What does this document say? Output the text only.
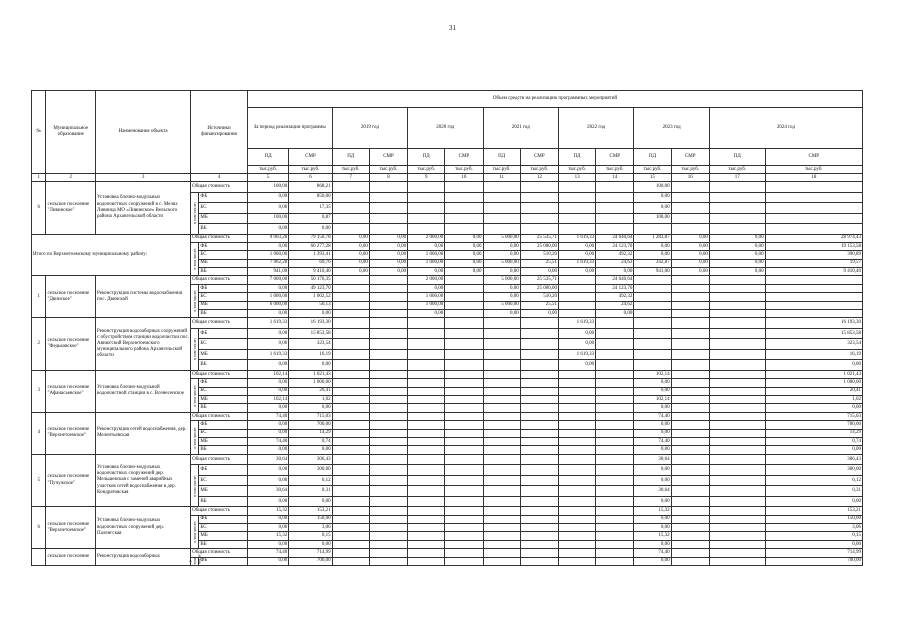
31
№	Муниципальное образование	Наименование объекта	Источники финансирования		Объем средств на реализацию программных мероприятий													
					За период реализации программы		2019 год		2020 год		2021 год		2022 год		2023 год		2024 год	
					ПД	СМР	ПД	СМР	ПД	СМР	ПД	СМР	ПД	СМР	ПД	СМР	ПД	СМР
					тыс.руб.	тыс.руб.	тыс.руб.	тыс.руб.	тыс.руб.	тыс.руб.	тыс.руб.	тыс.руб.	тыс.руб.	тыс.руб.	тыс.руб.	тыс.руб.	тыс.руб.	тыс.руб.

1	2	3	4		5	6	7	8	9	10	11	12	13	14	15	16	17	18
6	сельское поселение "Ливинское"	Установка блочно-модульных водоочистных сооружений в с. Мелях Ливинца МО «Ливинское» Вельского района Архангельской области	Общая стоимость		100,00	868,21									100,00			
			в том числе:	ФБ	0,00	850,00									0,00			
				БС	0,00	17,35									0,00			
				МБ	100,00	0,87									100,00			
				ВБ	0,00	0,00												
Итого по Верхнетоемскому муниципальному району:			Общая стоимость		9 903,28	79 150,78	0,00	0,00	2 000,00	0,00	5 000,00	25 535,71	1 619,33	24 640,64	1 283,87	0,00	0,00	28 974,43
			в том числе:	ФБ	0,00	66 277,28	0,00	0,00	0,00	0,00	0,00	25 000,00	0,00	24 123,70	0,00	0,00	0,00	19 153,58
				БС	1 000,00	1 393,41	0,00	0,00	1 000,00	0,00	0,00	510,20	0,00	492,32	0,00	0,00	0,00	390,89
				МБ	7 962,28	69,76	0,00	0,00	1 000,00	0,00	5 000,00	25,51	1 619,33	24,62	342,87	0,00	0,00	19,57
				ВБ	941,00	9 410,40	0,00	0,00	0,00	0,00	0,00	0,00	0,00	0,00	941,00	0,00	0,00	9 410,40
1	сельское поселение "Двинское"	Реконструкция системы водоснабжения пос. Двинской	Общая стоимость		7 000,00	50 176,35			2 000,00		5 000,00	25 535,71		24 640,64				
			в том числе:	ФБ	0,00	49 123,70			0,00		0,00	25 000,00		24 123,70				
				БС	1 000,00	1 002,52			1 000,00		0,00	510,20		492,32				
				МБ	6 000,00	50,13			1 000,00		5 000,00	25,51		24,62				
				ВБ	0,00	0,00			0,00		0,00	0,00		0,00				
2	сельское поселение "Федьковское"	Реконструкция водозаборных сооружений с обустройством станции водоочистки пос. Авнюгский Верхнетоемского муниципального района Архангельской области	Общая стоимость		1 619,33	16 193,30							1 619,33					16 193,30
			в том числе:	ФБ	0,00	15 853,58							0,00					15 853,58
				БС	0,00	323,54							0,00					323,54
				МБ	1 619,33	16,19							1 619,33					16,19
				ВБ	0,00	0,00							0,00					0,00
3	сельское поселение "Афанасьевское"	Установка блочно-модульной водоочистной станции в с. Вознесенское	Общая стоимость		102,14	1 021,43									102,14			1 021,43
			в том числе:	ФБ	0,00	1 000,00									0,00			1 000,00
				БС	0,00	20,41									0,00			20,41
				МБ	102,14	1,02									102,14			1,02
				ВБ	0,00	0,00									0,00			0,00
4	сельское поселение "Верхнетоемское"	Реконструкция сетей водоснабжения, дер. Мелентьевская	Общая стоимость		74,40	715,03									74,40			715,03
			в том числе:	ФБ	0,00	700,00									0,00			700,00
				БС	0,00	14,29									0,00			14,29
				МБ	74,40	0,74									74,40			0,74
				ВБ	0,00	0,00									0,00			0,00
5	сельское поселение "Пучужское"	Установка блочно-модульных водоочистных сооружений дер. Мельшевская с заменой аварийных участков сетей водоснабжения в дер. Кондратовская	Общая стоимость		30,64	306,43									30,64			306,43
			в том числе:	ФБ	0,00	300,00									0,00			300,00
				БС	0,00	6,12									0,00			6,12
				МБ	30,64	0,31									30,64			0,31
				ВБ	0,00	0,00									0,00			0,00
6	сельское поселение "Верхнетоемское"	Установка блочно-модульных водоочистных сооружений дер. Паленгская	Общая стоимость		15,32	153,21									15,32			153,21
			в том числе:	ФБ	0,00	150,00									0,00			150,00
				БС	0,00	3,06									0,00			3,06
				МБ	15,32	0,15									15,32			0,15
				ВБ	0,00	0,00									0,00			0,00
	сельское поселение	Реконструкция водозаборных	Общая стоимость		74,40	714,99									74,40			714,99
			в том числе:	ФБ	0,00	700,00									0,00			700,00
